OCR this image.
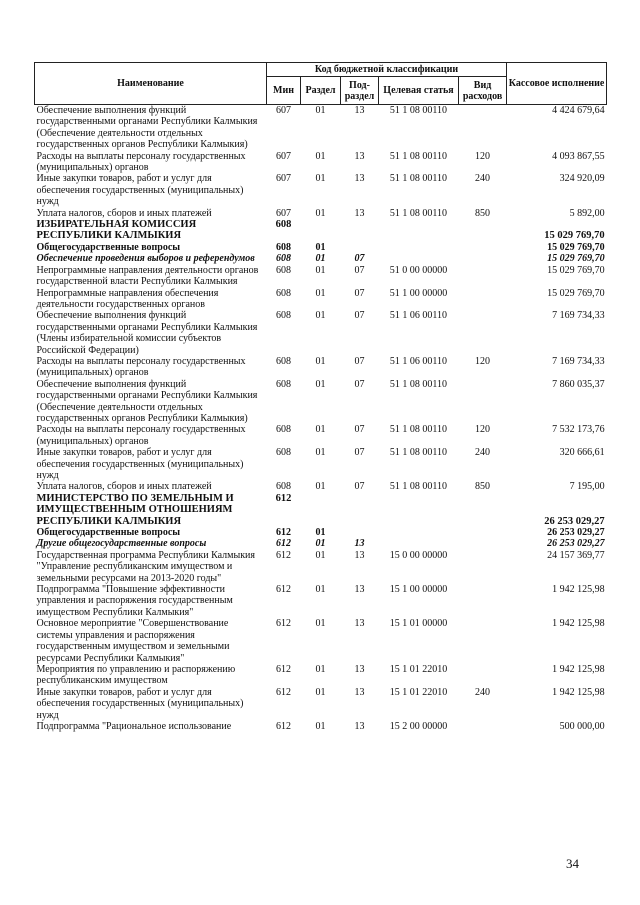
Наименование	Код бюджетной классификации					Кассовое исполнение
	Мин	Раздел	Под-раздел	Целевая статья	Вид расходов	
Обеспечение выполнения функций государственными органами Республики Калмыкия (Обеспечение деятельности отдельных государственных органов Республики Калмыкия)	607	01	13	51 1 08 00110		4 424 679,64
Расходы на выплаты персоналу государственных (муниципальных) органов	607	01	13	51 1 08 00110	120	4 093 867,55
Иные закупки товаров, работ и услуг для обеспечения государственных (муниципальных) нужд	607	01	13	51 1 08 00110	240	324 920,09
Уплата налогов, сборов и иных платежей	607	01	13	51 1 08 00110	850	5 892,00
ИЗБИРАТЕЛЬНАЯ КОМИССИЯ РЕСПУБЛИКИ КАЛМЫКИЯ	608					15 029 769,70
Общегосударственные вопросы	608	01				15 029 769,70
Обеспечение проведения выборов и референдумов	608	01	07			15 029 769,70
Непрограммные направления деятельности органов государственной власти Республики Калмыкия	608	01	07	51 0 00 00000		15 029 769,70
Непрограммные направления обеспечения деятельности государственных органов	608	01	07	51 1 00 00000		15 029 769,70
Обеспечение выполнения функций государственными органами Республики Калмыкия (Члены избирательной комиссии субъектов Российской Федерации)	608	01	07	51 1 06 00110		7 169 734,33
Расходы на выплаты персоналу государственных (муниципальных) органов	608	01	07	51 1 06 00110	120	7 169 734,33
Обеспечение выполнения функций государственными органами Республики Калмыкия (Обеспечение деятельности отдельных государственных органов Республики Калмыкия)	608	01	07	51 1 08 00110		7 860 035,37
Расходы на выплаты персоналу государственных (муниципальных) органов	608	01	07	51 1 08 00110	120	7 532 173,76
Иные закупки товаров, работ и услуг для обеспечения государственных (муниципальных) нужд	608	01	07	51 1 08 00110	240	320 666,61
Уплата налогов, сборов и иных платежей	608	01	07	51 1 08 00110	850	7 195,00
МИНИСТЕРСТВО ПО ЗЕМЕЛЬНЫМ И ИМУЩЕСТВЕННЫМ ОТНОШЕНИЯМ РЕСПУБЛИКИ КАЛМЫКИЯ	612					26 253 029,27
Общегосударственные вопросы	612	01				26 253 029,27
Другие общегосударственные вопросы	612	01	13			26 253 029,27
Государственная программа Республики Калмыкия "Управление республиканским имуществом и земельными ресурсами на 2013-2020 годы"	612	01	13	15 0 00 00000		24 157 369,77
Подпрограмма "Повышение эффективности управления и распоряжения государственным имуществом Республики Калмыкия"	612	01	13	15 1 00 00000		1 942 125,98
Основное мероприятие "Совершенствование системы управления и распоряжения государственным имуществом и земельными ресурсами Республики Калмыкия"	612	01	13	15 1 01 00000		1 942 125,98
Мероприятия по управлению и распоряжению республиканским имуществом	612	01	13	15 1 01 22010		1 942 125,98
Иные закупки товаров, работ и услуг для обеспечения государственных (муниципальных) нужд	612	01	13	15 1 01 22010	240	1 942 125,98
Подпрограмма "Рациональное использование	612	01	13	15 2 00 00000		500 000,00
34
